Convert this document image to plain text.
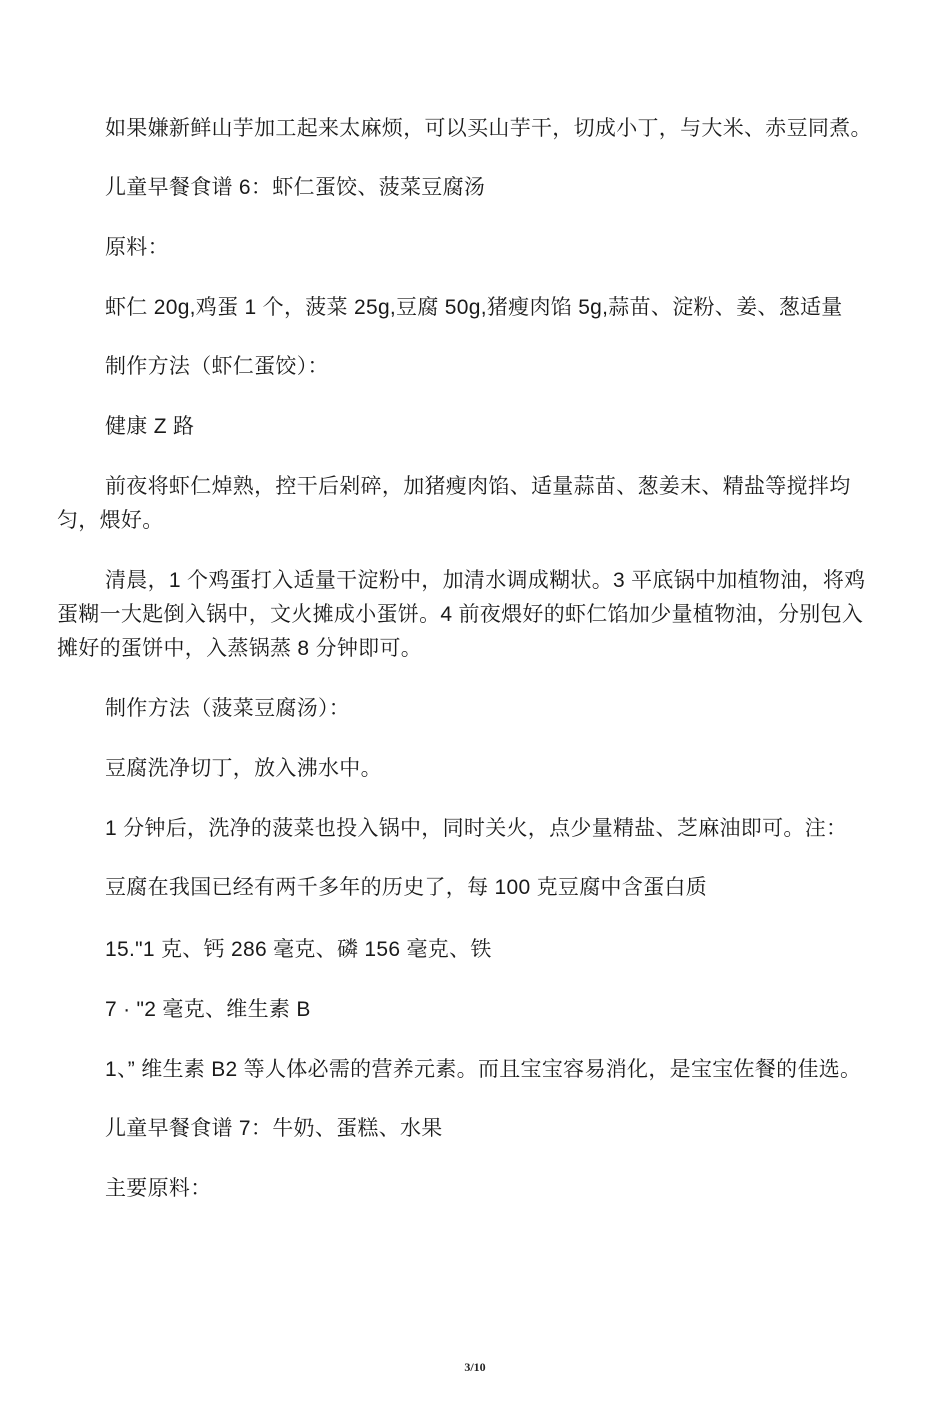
如果嫌新鲜山芋加工起来太麻烦，可以买山芋干，切成小丁，与大米、赤豆同煮。

儿童早餐食谱 6：虾仁蛋饺、菠菜豆腐汤

原料：

虾仁 20g,鸡蛋 1 个，菠菜 25g,豆腐 50g,猪瘦肉馅 5g,蒜苗、淀粉、姜、葱适量

制作方法（虾仁蛋饺）：

健康 Z 路

前夜将虾仁焯熟，控干后剁碎，加猪瘦肉馅、适量蒜苗、葱姜末、精盐等搅拌均匀，煨好。

清晨，1 个鸡蛋打入适量干淀粉中，加清水调成糊状。3 平底锅中加植物油，将鸡蛋糊一大匙倒入锅中，文火摊成小蛋饼。4 前夜煨好的虾仁馅加少量植物油，分别包入摊好的蛋饼中，入蒸锅蒸 8 分钟即可。

制作方法（菠菜豆腐汤）：

豆腐洗净切丁，放入沸水中。

1 分钟后，洗净的菠菜也投入锅中，同时关火，点少量精盐、芝麻油即可。注：

豆腐在我国已经有两千多年的历史了，每 100 克豆腐中含蛋白质

15."1 克、钙 286 毫克、磷 156 毫克、铁

7 · "2 毫克、维生素 B

1、” 维生素 B2 等人体必需的营养元素。而且宝宝容易消化，是宝宝佐餐的佳选。

儿童早餐食谱 7：牛奶、蛋糕、水果

主要原料：

3/10
